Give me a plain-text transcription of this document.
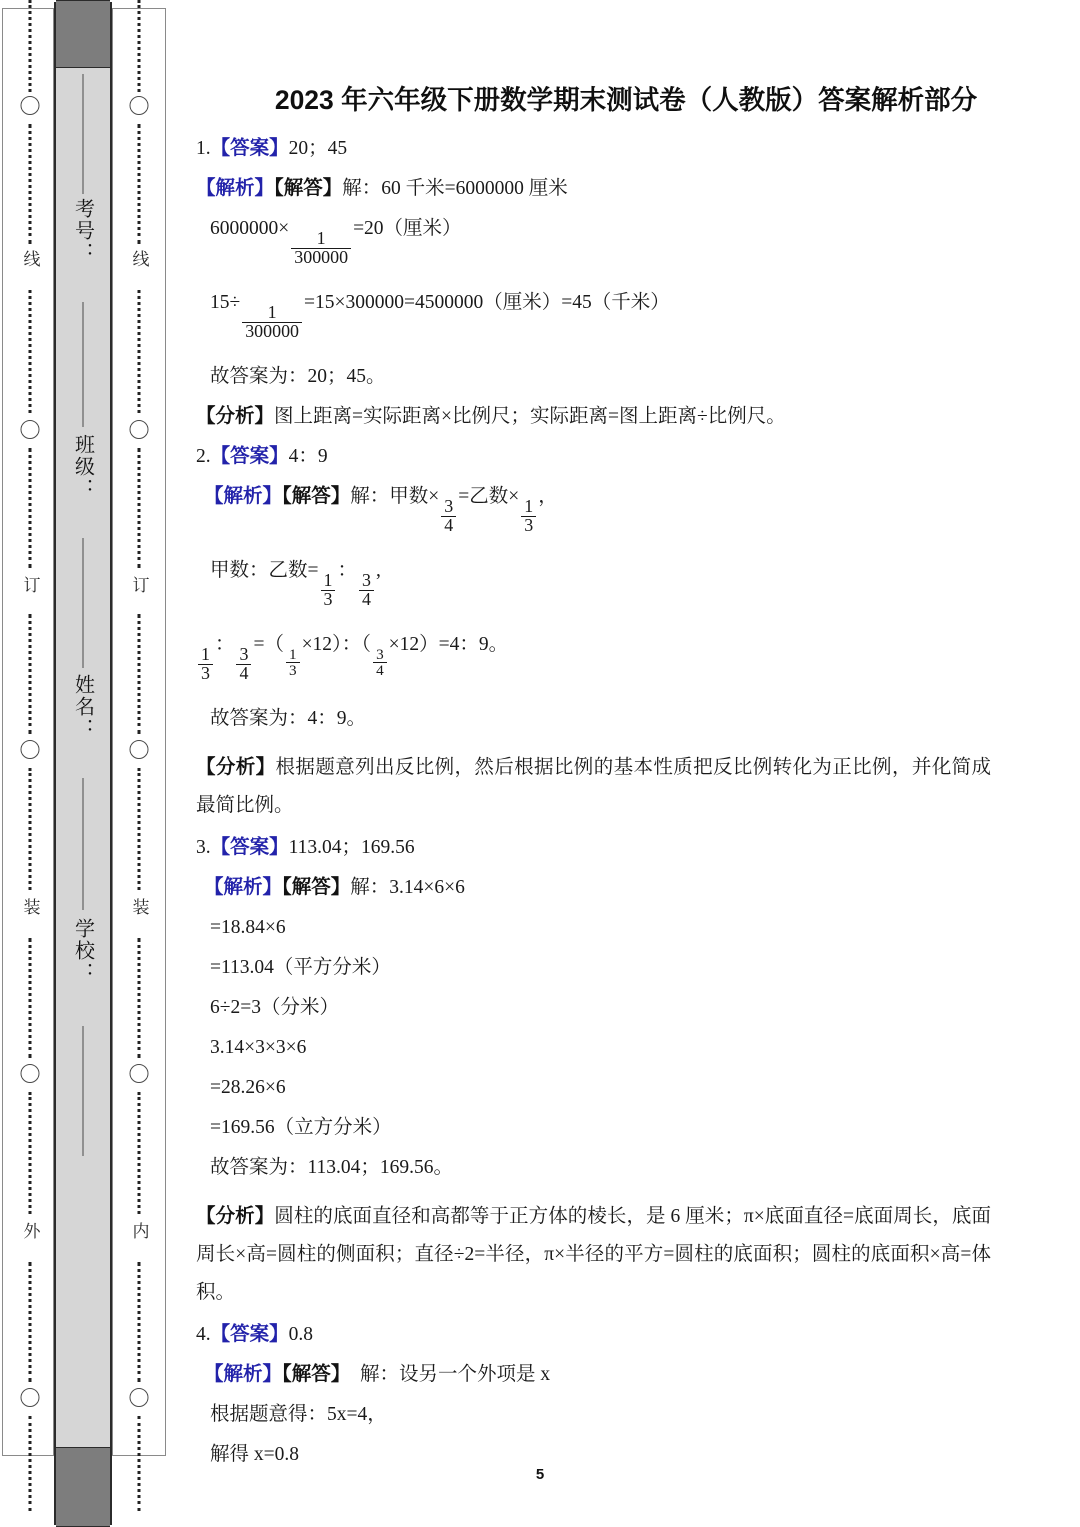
考号：
班级：
姓名：
学校：
线
订
装
外
线
订
装
内
2023 年六年级下册数学期末测试卷（人教版）答案解析部分
1.【答案】20；45
【解析】【解答】解：60 千米=6000000 厘米
6000000×
$\frac{1}{300000}$
=20（厘米）
15÷
$\frac{1}{300000}$
=15×300000=4500000（厘米）=45（千米）
故答案为：20；45。
【分析】图上距离=实际距离×比例尺；实际距离=图上距离÷比例尺。
2.【答案】4：9
【解析】【解答】解：甲数×
$\frac{3}{4}$
=乙数×
$\frac{1}{3}$
，
甲数：乙数=
$\frac{1}{3}$
：
$\frac{3}{4}$
,
$\frac{1}{3}$
：
$\frac{3}{4}$
=（
$\frac{1}{3}$
×12）：（
$\frac{3}{4}$
×12）=4：9。
故答案为：4：9。
【分析】根据题意列出反比例，然后根据比例的基本性质把反比例转化为正比例，并化简成最简比例。
3.【答案】113.04；169.56
【解析】【解答】解：3.14×6×6
=18.84×6
=113.04（平方分米）
6÷2=3（分米）
3.14×3×3×6
=28.26×6
=169.56（立方分米）
故答案为：113.04；169.56。
【分析】圆柱的底面直径和高都等于正方体的棱长，是 6 厘米；π×底面直径=底面周长，底面周长×高=圆柱的侧面积；直径÷2=半径，π×半径的平方=圆柱的底面积；圆柱的底面积×高=体积。
4.【答案】0.8
【解析】【解答】 解：设另一个外项是 x
根据题意得：5x=4，
解得 x=0.8
5
